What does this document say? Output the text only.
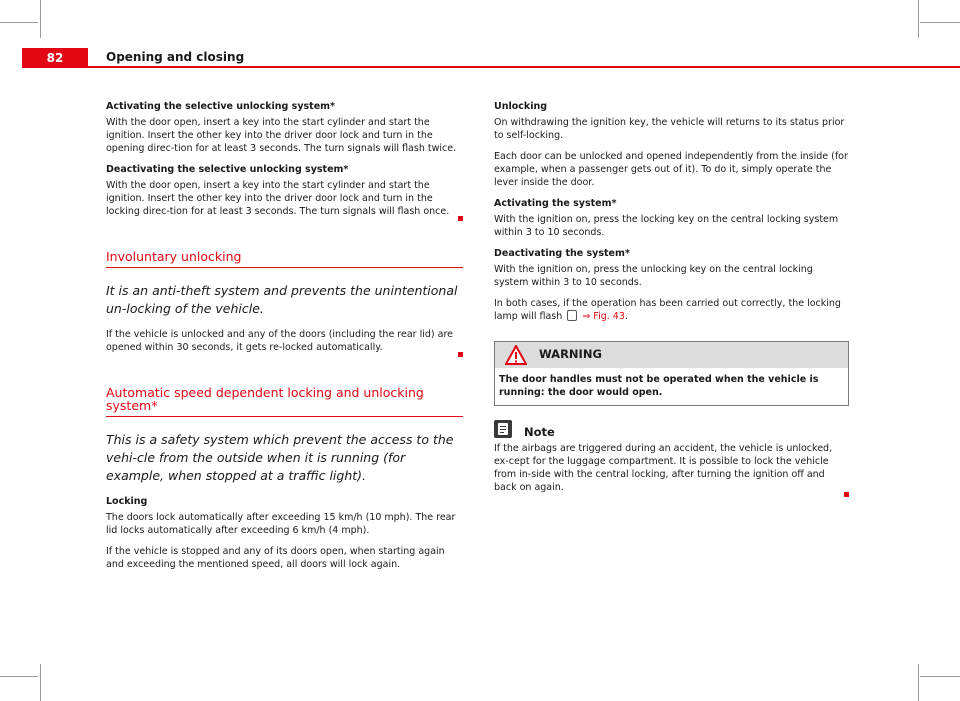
82	Opening and closing
Activating the selective unlocking system*

With the door open, insert a key into the start cylinder and start the ignition. Insert the other key into the driver door lock and turn in the opening direc-tion for at least 3 seconds. The turn signals will flash twice.

Deactivating the selective unlocking system*

With the door open, insert a key into the start cylinder and start the ignition. Insert the other key into the driver door lock and turn in the locking direc-tion for at least 3 seconds. The turn signals will flash once.

Involuntary unlocking
It is an anti-theft system and prevents the unintentional un-locking of the vehicle.

If the vehicle is unlocked and any of the doors (including the rear lid) are opened within 30 seconds, it gets re-locked automatically.

Automatic speed dependent locking and unlocking system*
This is a safety system which prevent the access to the vehi-cle from the outside when it is running (for example, when stopped at a traffic light).
Locking

The doors lock automatically after exceeding 15 km/h (10 mph). The rear lid locks automatically after exceeding 6 km/h (4 mph).

If the vehicle is stopped and any of its doors open, when starting again and exceeding the mentioned speed, all doors will lock again.

Unlocking

On withdrawing the ignition key, the vehicle will returns to its status prior to self-locking.

Each door can be unlocked and opened independently from the inside (for example, when a passenger gets out of it). To do it, simply operate the lever inside the door.

Activating the system*

With the ignition on, press the locking key on the central locking system within 3 to 10 seconds.

Deactivating the system*

With the ignition on, press the unlocking key on the central locking system within 3 to 10 seconds.

In both cases, if the operation has been carried out correctly, the locking lamp will flash ⇒ Fig. 43.

WARNING
The door handles must not be operated when the vehicle is running: the door would open.
Note

If the airbags are triggered during an accident, the vehicle is unlocked, ex-cept for the luggage compartment. It is possible to lock the vehicle from in-side with the central locking, after turning the ignition off and back on again.
